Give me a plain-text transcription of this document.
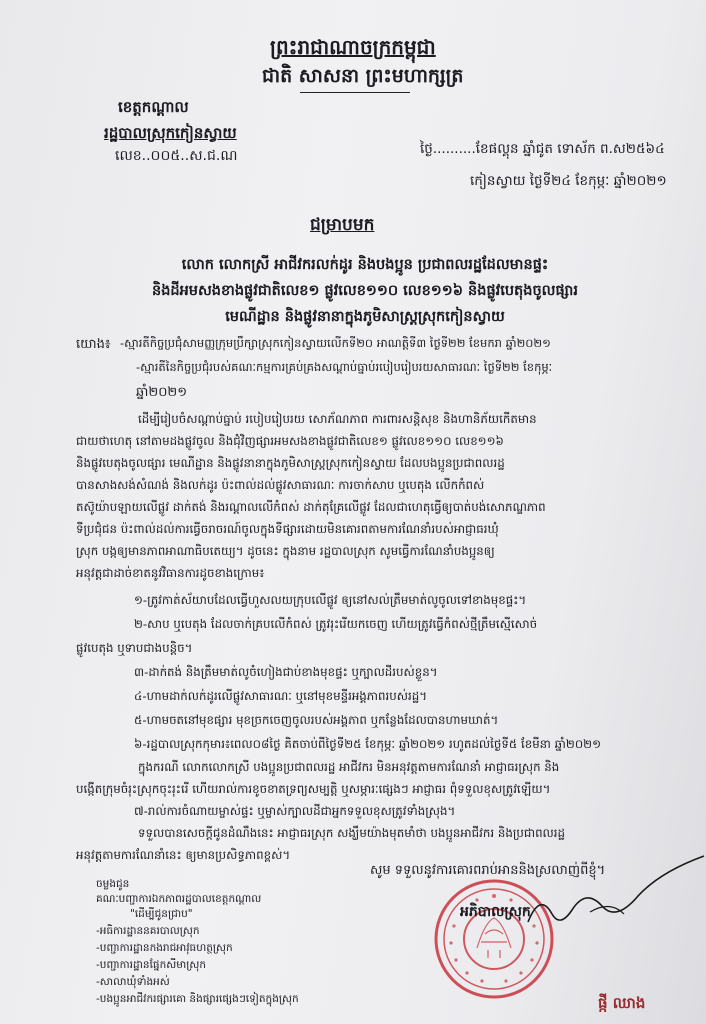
ព្រះរាជាណាចក្រកម្ពុជា
ជាតិ សាសនា ព្រះមហាក្សត្រ
ខេត្តកណ្តាល
រដ្ឋបាលស្រុកកៀនស្វាយ
លេខ..០០៥..ស.ជ.ណ	ថ្ងៃ..........ខែផល្គុន ឆ្នាំជូត ទោស័ក ព.ស២៥៦៤
កៀនស្វាយ ថ្ងៃទី២៤ ខែកុម្ភៈ ឆ្នាំ២០២១
ជម្រាបមក
លោក លោកស្រី អាជីវករលក់ដូរ និងបងប្អូន ប្រជាពលរដ្ឋដែលមានផ្ទះ
និងដីអមសងខាងផ្លូវជាតិលេខ១ ផ្លូវលេខ១១០ លេខ១១៦ និងផ្លូវបេតុងចូលផ្សារ
មេណីដ្ឋាន និងផ្លូវនានាក្នុងភូមិសាស្ត្រស្រុកកៀនស្វាយ
យោង៖ -ស្មារតីកិច្ចប្រជុំសាមញ្ញក្រុមប្រឹក្សាស្រុកកៀនស្វាយលើកទី២០ អាណត្តិទី៣ ថ្ងៃទី២២ ខែមករា ឆ្នាំ២០២១
-ស្មារតីនៃកិច្ចប្រជុំរបស់គណៈកម្មការគ្រប់គ្រងសណ្តាប់ធ្នាប់របៀបរៀបរយសាធារណៈ ថ្ងៃទី២២ ខែកុម្ភៈ
ឆ្នាំ២០២១
ដើម្បីរៀបចំសណ្តាប់ធ្នាប់ របៀបរៀបរយ សោភ័ណភាព ការពារសន្តិសុខ និងហានិភ័យកើតមាន
ជាយថាហេតុ នៅតាមដងផ្លូវចូល និងជុំវិញផ្សារអមសងខាងផ្លូវជាតិលេខ១ ផ្លូវលេខ១១០ លេខ១១៦
និងផ្លូវបេតុងចូលផ្សារ មេណីដ្ឋាន និងផ្លូវនានាក្នុងភូមិសាស្ត្រស្រុកកៀនស្វាយ ដែលបងប្អូនប្រជាពលរដ្ឋ
បានសាងសង់សំណង់ និងលក់ដូរ ប៉ះពាល់ដល់ផ្លូវសាធារណៈ ការចាក់សាប ឬបេតុង លើកកំពស់
តស៊ូយ៉ាបឡាយលើផ្លូវ ដាក់តង់ និងរណ្តាលលើកំពស់ ដាក់តុគ្រែលើផ្លូវ ដែលជាហេតុធ្វើឲ្យបាត់បង់សោភណ្ឌភាព
ទីប្រជុំជន ប៉ះពាល់ដល់ការធ្វើចរាចរណ៍ចូលក្នុងទីផ្សារដោយមិនគោរពតាមការណែនាំរបស់អាជ្ញាធរឃុំ
ស្រុក បង្កឲ្យមានភាពអាណាធិបតេយ្យ។ ដូចនេះ ក្នុងនាម រដ្ឋបាលស្រុក សូមធ្វើការណែនាំបងប្អូនឲ្យ
អនុវត្តជាដាច់ខាតនូវវិធានការដូចខាងក្រោម៖
១-ត្រូវកាត់ស័យាបដែលធ្វើហួសលយក្រុបលើផ្លូវ ឲ្យនៅសល់ត្រឹមមាត់លូចូលទៅខាងមុខផ្ទះ។
២-សាប ឬបេតុង ដែលចាក់គ្របលើកំពស់ ត្រូវរុះរើយកចេញ ហើយត្រូវធ្វើកំពស់ថ្មីត្រឹមស្មើសោច់
ផ្លូវបេតុង ឬទាបជាងបន្តិច។
៣-ដាក់តង់ និងត្រឹមមាត់លូចំហៀងជាប់ខាងមុខផ្ទះ ឬក្បាលដីរបស់ខ្លួន។
៤-ហាមដាក់លក់ដូរលើផ្លូវសាធារណៈ ឬនៅមុខមន្ទីរអង្គភាពរបស់រដ្ឋ។
៥-ហាមចតនៅមុខផ្សារ មុខច្រកចេញចូលរបស់អង្គភាព ឬកន្លែងដែលបានហាមឃាត់។
៦-រដ្ឋបាលស្រុកកុមារ៖ពេល០៨ថ្ងៃ គិតចាប់ពីថ្ងៃទី២៥ ខែកុម្ភៈ ឆ្នាំ២០២១ រហូតដល់ថ្ងៃទី៥ ខែមីនា ឆ្នាំ២០២១
ក្នុងករណី លោកលោកស្រី បងប្អូនប្រជាពលរដ្ឋ អាជីវករ មិនអនុវត្តតាមការណែនាំ អាជ្ញាធរស្រុក និង
បង្កើតក្រុមចំរុះស្រុកចុះរុះរើ ហើយរាល់ការខូចខាតទ្រព្យសម្បត្តិ ឬសម្ភារៈផ្សេងៗ អាជ្ញាធរ ពុំទទួលខុសត្រូវឡើយ។
៧-រាល់ការចំណាយម្ចាស់ផ្ទះ ឬម្ចាស់ក្បាលដីជាអ្នកទទួលខុសត្រូវទាំងស្រុង។
ទទួលបានសេចក្តីជូនដំណឹងនេះ អាជ្ញាធរស្រុក សង្ឃឹមយ៉ាងមុតមាំថា បងប្អូនអាជីវករ និងប្រជាពលរដ្ឋ
អនុវត្តតាមការណែនាំនេះ ឲ្យមានប្រសិទ្ធភាពខ្ពស់។
សូម ទទួលនូវការគោរពរាប់អាននិងស្រលាញ់ពីខ្ញុំ។
ចម្លងជូន
គណៈបញ្ជាការឯកភាពរដ្ឋបាលខេត្តកណ្តាល
"ដើម្បីជូនជ្រាប"
-អធិការដ្ឋាននគរបាលស្រុក
-បញ្ជាការដ្ឋានកងរាជអាវុធហត្ថស្រុក
-បញ្ជាការដ្ឋានផ្នែកសីមាស្រុក
-សាលាឃុំទាំងអស់
-បងប្អូនអាជីវករផ្សារគោ និងផ្សារផ្សេងៗទៀតក្នុងស្រុក
អភិបាលស្រុក
ផ្កី ឈាង
